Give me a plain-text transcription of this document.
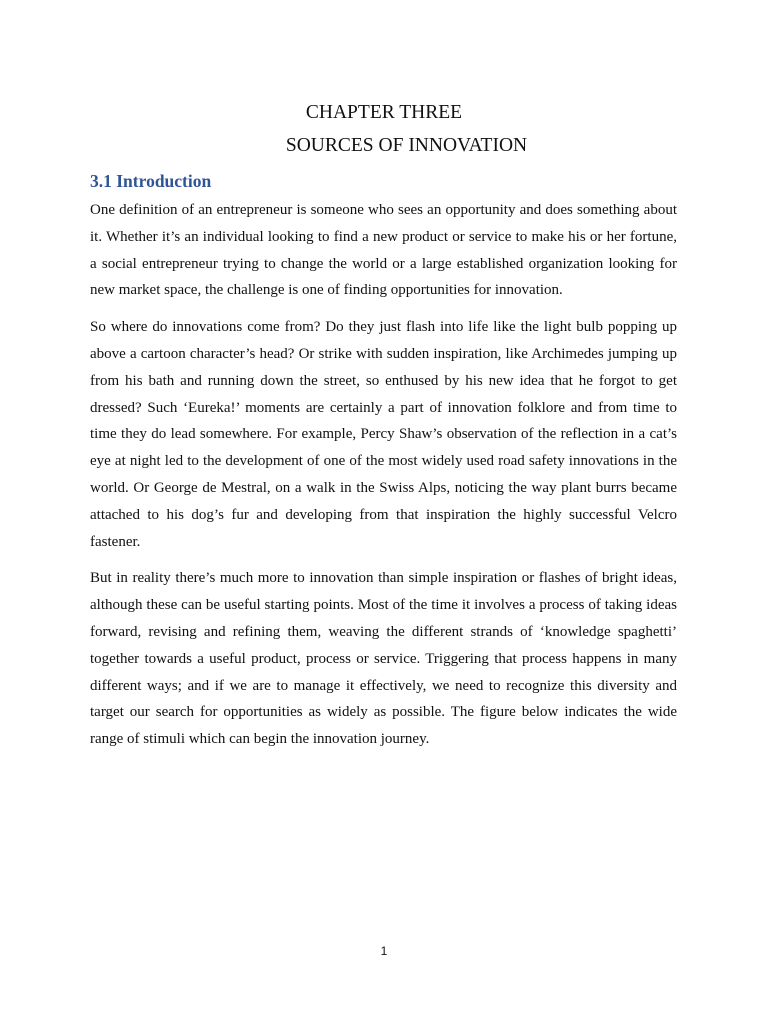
CHAPTER THREE
SOURCES OF INNOVATION
3.1 Introduction

One definition of an entrepreneur is someone who sees an opportunity and does something about it. Whether it’s an individual looking to find a new product or service to make his or her fortune, a social entrepreneur trying to change the world or a large established organization looking for new market space, the challenge is one of finding opportunities for innovation.

So where do innovations come from? Do they just flash into life like the light bulb popping up above a cartoon character’s head? Or strike with sudden inspiration, like Archimedes jumping up from his bath and running down the street, so enthused by his new idea that he forgot to get dressed? Such ‘Eureka!’ moments are certainly a part of innovation folklore and from time to time they do lead somewhere. For example, Percy Shaw’s observation of the reflection in a cat’s eye at night led to the development of one of the most widely used road safety innovations in the world. Or George de Mestral, on a walk in the Swiss Alps, noticing the way plant burrs became attached to his dog’s fur and developing from that inspiration the highly successful Velcro fastener.

But in reality there’s much more to innovation than simple inspiration or flashes of bright ideas, although these can be useful starting points. Most of the time it involves a process of taking ideas forward, revising and refining them, weaving the different strands of ‘knowledge spaghetti’ together towards a useful product, process or service. Triggering that process happens in many different ways; and if we are to manage it effectively, we need to recognize this diversity and target our search for opportunities as widely as possible. The figure below indicates the wide range of stimuli which can begin the innovation journey.

1
